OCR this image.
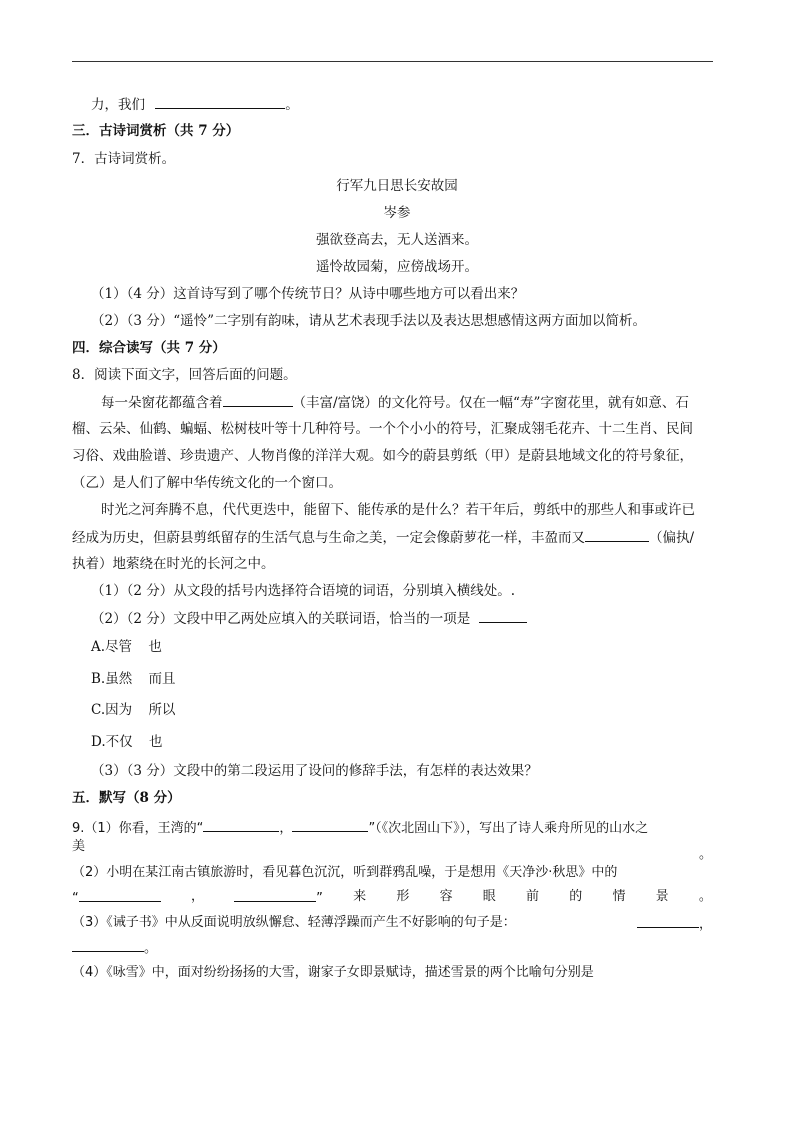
力，我们	。
三．古诗词赏析（共 7 分）
7．古诗词赏析。
行军九日思长安故园
岑参
强欲登高去，无人送酒来。
遥怜故园菊，应傍战场开。
（1）（4 分）这首诗写到了哪个传统节日？从诗中哪些地方可以看出来？
（2）（3 分）“遥怜”二字别有韵味，请从艺术表现手法以及表达思想感情这两方面加以简析。
四．综合读写（共 7 分）
8．阅读下面文字，回答后面的问题。
每一朵窗花都蕴含着	（丰富/富饶）的文化符号。仅在一幅“寿”字窗花里，就有如意、石
榴、云朵、仙鹤、蝙蝠、松树枝叶等十几种符号。一个个小小的符号，汇聚成翎毛花卉、十二生肖、民间
习俗、戏曲脸谱、珍贵遗产、人物肖像的洋洋大观。如今的蔚县剪纸（甲）是蔚县地域文化的符号象征，
（乙）是人们了解中华传统文化的一个窗口。
时光之河奔腾不息，代代更迭中，能留下、能传承的是什么？若干年后，剪纸中的那些人和事或许已
经成为历史，但蔚县剪纸留存的生活气息与生命之美，一定会像蔚萝花一样，丰盈而又	（偏执/
执着）地萦绕在时光的长河之中。
（1）（2 分）从文段的括号内选择符合语境的词语，分别填入横线处。.
（2）（2 分）文段中甲乙两处应填入的关联词语，恰当的一项是
A.尽管 也
B.虽然 而且
C.因为 所以
D.不仅 也
（3）（3 分）文段中的第二段运用了设问的修辞手法，有怎样的表达效果？
五．默写（8 分）
9.（1）你看，王湾的“	，	”（《次北固山下》），写出了诗人乘舟所见的山水之
美
。
（2）小明在某江南古镇旅游时，看见暮色沉沉，听到群鸦乱噪，于是想用《天净沙·秋思》中的
“	，	” 来 形 容 眼 前 的 情 景 。
（3）《诫子书》中从反面说明放纵懈怠、轻薄浮躁而产生不好影响的句子是：	，
。
（4）《咏雪》中，面对纷纷扬扬的大雪，谢家子女即景赋诗，描述雪景的两个比喻句分别是
